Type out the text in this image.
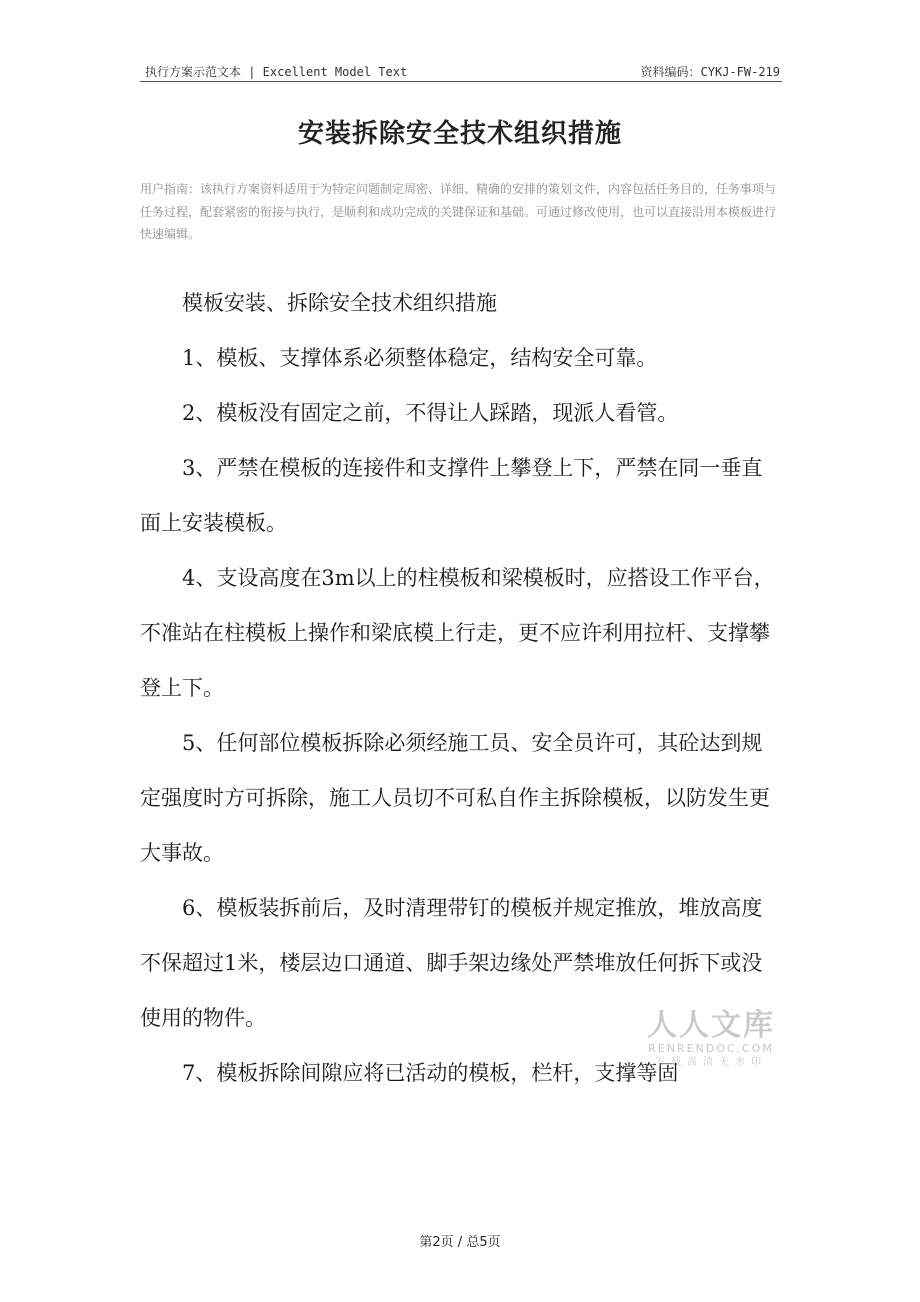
执行方案示范文本 | Excellent Model Text	资料编码：CYKJ-FW-219
安装拆除安全技术组织措施
用户指南：该执行方案资料适用于为特定问题制定周密、详细、精确的安排的策划文件，内容包括任务目的，任务事项与任务过程，配套紧密的衔接与执行，是顺利和成功完成的关键保证和基础。可通过修改使用，也可以直接沿用本模板进行快速编辑。

模板安装、拆除安全技术组织措施

1、模板、支撑体系必须整体稳定，结构安全可靠。

2、模板没有固定之前，不得让人踩踏，现派人看管。

3、严禁在模板的连接件和支撑件上攀登上下，严禁在同一垂直面上安装模板。

4、支设高度在3m以上的柱模板和梁模板时，应搭设工作平台，不准站在柱模板上操作和梁底模上行走，更不应许利用拉杆、支撑攀登上下。

5、任何部位模板拆除必须经施工员、安全员许可，其砼达到规定强度时方可拆除，施工人员切不可私自作主拆除模板，以防发生更大事故。

6、模板装拆前后，及时清理带钉的模板并规定推放，堆放高度不保超过1米，楼层边口通道、脚手架边缘处严禁堆放任何拆下或没使用的物件。

7、模板拆除间隙应将已活动的模板，栏杆，支撑等固

人人文库
RENRENDOC.COM
下载高清无水印
第2页 / 总5页
